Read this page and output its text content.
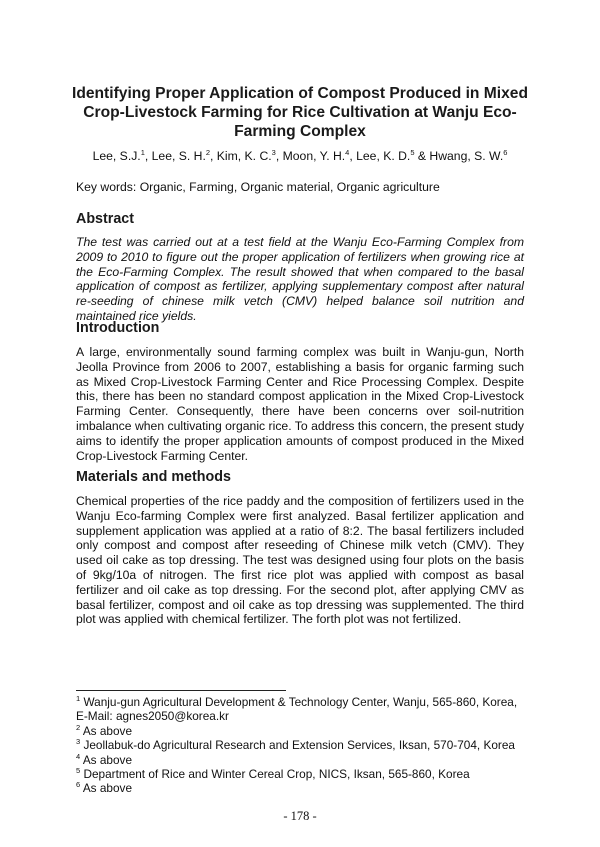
Identifying Proper Application of Compost Produced in Mixed Crop-Livestock Farming for Rice Cultivation at Wanju Eco-Farming Complex
Lee, S.J.$^1$, Lee, S. H.$^2$, Kim, K. C.$^3$, Moon, Y. H.$^4$, Lee, K. D.$^5$ & Hwang, S. W.$^6$
Key words: Organic, Farming, Organic material, Organic agriculture
Abstract

The test was carried out at a test field at the Wanju Eco-Farming Complex from 2009 to 2010 to figure out the proper application of fertilizers when growing rice at the Eco-Farming Complex. The result showed that when compared to the basal application of compost as fertilizer, applying supplementary compost after natural re-seeding of chinese milk vetch (CMV) helped balance soil nutrition and maintained rice yields.

Introduction

A large, environmentally sound farming complex was built in Wanju-gun, North Jeolla Province from 2006 to 2007, establishing a basis for organic farming such as Mixed Crop-Livestock Farming Center and Rice Processing Complex. Despite this, there has been no standard compost application in the Mixed Crop-Livestock Farming Center. Consequently, there have been concerns over soil-nutrition imbalance when cultivating organic rice. To address this concern, the present study aims to identify the proper application amounts of compost produced in the Mixed Crop-Livestock Farming Center.

Materials and methods

Chemical properties of the rice paddy and the composition of fertilizers used in the Wanju Eco-farming Complex were first analyzed. Basal fertilizer application and supplement application was applied at a ratio of 8:2. The basal fertilizers included only compost and compost after reseeding of Chinese milk vetch (CMV). They used oil cake as top dressing. The test was designed using four plots on the basis of 9kg/10a of nitrogen. The first rice plot was applied with compost as basal fertilizer and oil cake as top dressing. For the second plot, after applying CMV as basal fertilizer, compost and oil cake as top dressing was supplemented. The third plot was applied with chemical fertilizer. The forth plot was not fertilized.

$^1$ Wanju-gun Agricultural Development & Technology Center, Wanju, 565-860, Korea, E-Mail: agnes2050@korea.kr
$^2$ As above
$^3$ Jeollabuk-do Agricultural Research and Extension Services, Iksan, 570-704, Korea
$^4$ As above
$^5$ Department of Rice and Winter Cereal Crop, NICS, Iksan, 565-860, Korea
$^6$ As above
- 178 -
